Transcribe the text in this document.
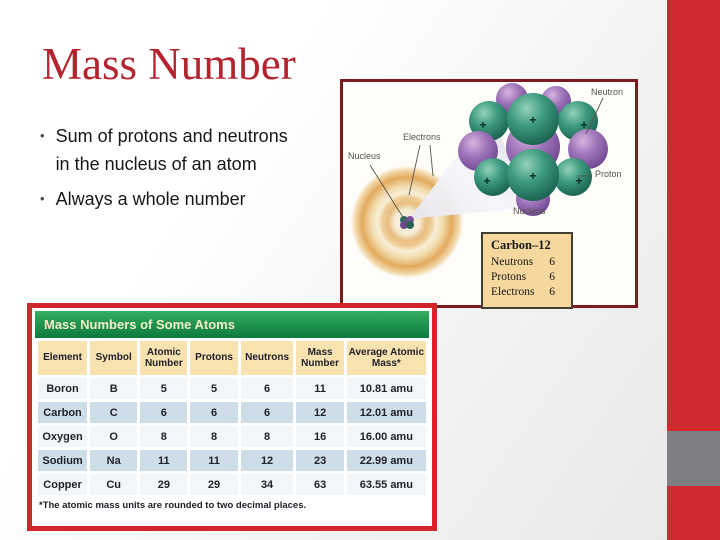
Mass Number
• Sum of protons and neutrons in the nucleus of an atom
• Always a whole number
+	+
+
+
+	+
Neutron
Electrons
Nucleus
Proton
Nucleus
Carbon–12
Neutrons 6
Protons 6
Electrons 6
Mass Numbers of Some Atoms
Element	Symbol	Atomic Number	Protons	Neutrons	Mass Number	Average Atomic Mass*
Boron	B	5	5	6	11	10.81 amu
Carbon	C	6	6	6	12	12.01 amu
Oxygen	O	8	8	8	16	16.00 amu
Sodium	Na	11	11	12	23	22.99 amu
Copper	Cu	29	29	34	63	63.55 amu
*The atomic mass units are rounded to two decimal places.
